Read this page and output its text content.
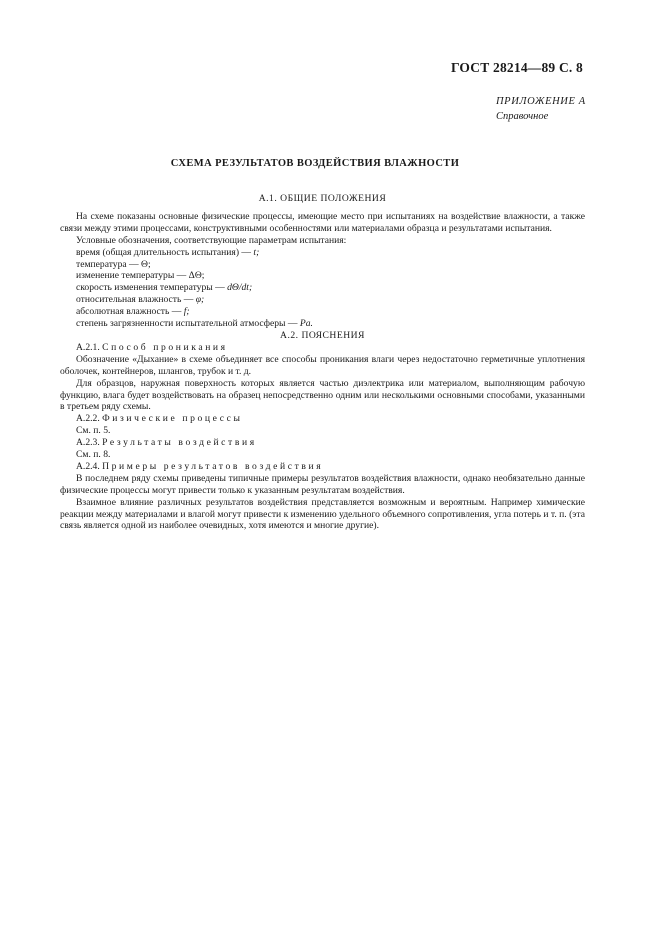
ГОСТ 28214—89 С. 8
ПРИЛОЖЕНИЕ А
Справочное
СХЕМА РЕЗУЛЬТАТОВ ВОЗДЕЙСТВИЯ ВЛАЖНОСТИ
А.1. ОБЩИЕ ПОЛОЖЕНИЯ

На схеме показаны основные физические процессы, имеющие место при испытаниях на воздействие влажности, а также связи между этими процессами, конструктивными особенностями или материалами образца и результатами испытания.

Условные обозначения, соответствующие параметрам испытания:

время (общая длительность испытания) — t;

температура — Θ;

изменение температуры — ΔΘ;

скорость изменения температуры — dΘ/dt;

относительная влажность — φ;

абсолютная влажность — f;

степень загрязненности испытательной атмосферы — Pa.

А.2. ПОЯСНЕНИЯ

А.2.1. Способ проникания

Обозначение «Дыхание» в схеме объединяет все способы проникания влаги через недостаточно герметичные уплотнения оболочек, контейнеров, шлангов, трубок и т. д.

Для образцов, наружная поверхность которых является частью диэлектрика или материалом, выполняющим рабочую функцию, влага будет воздействовать на образец непосредственно одним или несколькими основными способами, указанными в третьем ряду схемы.

А.2.2. Физические процессы

См. п. 5.

А.2.3. Результаты воздействия

См. п. 8.

А.2.4. Примеры результатов воздействия

В последнем ряду схемы приведены типичные примеры результатов воздействия влажности, однако необязательно данные физические процессы могут привести только к указанным результатам воздействия.

Взаимное влияние различных результатов воздействия представляется возможным и вероятным. Например химические реакции между материалами и влагой могут привести к изменению удельного объемного сопротивления, угла потерь и т. п. (эта связь является одной из наиболее очевидных, хотя имеются и многие другие).
